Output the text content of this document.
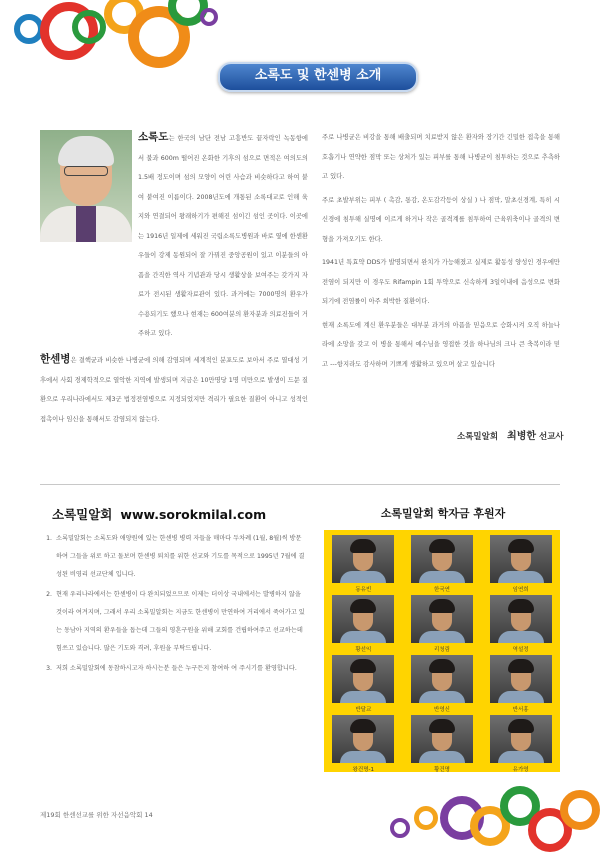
소록도 및 한센병 소개

소록도는 한국의 남단 전남 고흥반도 끝자락인 녹동항에서 불과 600m 떨어진 온화한 기후의 섬으로 면적은 여의도의 1.5배 정도이며 섬의 모양이 어린 사슴과 비슷하다고 하여 붙여 붙여진 이름이다. 2008년도에 개통된 소록대교로 인해 육지와 연결되어 왕래하기가 편해진 섬이긴 섬인 곳이다. 이곳에는 1916년 일제에 세워진 국립소록도병원과 바로 옆에 한센환우들이 강제 동원되어 잘 가꿔진 중앙공원이 있고 이분들의 아픔을 간직한 역사 기념관과 당시 생활상을 보여주는 갖가지 자료가 전시된 생활자료관이 있다. 과거에는 7000명의 환우가 수용되기도 했으나 현재는 600여분의 환자분과 의료진들이 거주하고 있다.

한센병은 결핵균과 비슷한 나병균에 의해 감염되며 세계적인 분포도로 보아서 주로 열대성 기후에서 사회 경제학적으로 열악한 지역에 발생되며 지금은 10만명당 1명 미만으로 발생이 드문 질환으로 우리나라에서도 제3군 법정전염병으로 지정되었지만 격리가 필요한 질환이 아니고 성적인 접촉이나 임신을 통해서도 감염되지 않는다.

주로 나병균은 비강을 통해 배출되며 치료받지 않은 환자와 장기간 긴밀한 접촉을 통해 호흡기나 연약한 점막 또는 상처가 있는 피부를 통해 나병균이 침투하는 것으로 추측하고 있다.

주로 초발부위는 피부 ( 촉감, 통감, 온도감각등이 상실 ) 나 점막, 말초신경계, 특히 시신경에 침투해 실명에 이르게 하거나 작은 골격계를 침투하여 근육위축이나 골격의 변형을 가져오기도 한다.

1941년 특효약 DDS가 발명되면서 완치가 가능해졌고 실제로 활동성 양성인 경우에만 전염이 되지만 이 경우도 Rifampin 1회 투약으로 신속하게 3일이내에 음성으로 변화되기에 전염률이 아주 희박한 질환이다.

현재 소록도에 계신 환우분들은 대부분 과거의 아픔을 믿음으로 승화시켜 오직 하늘나라에 소망을 갖고 이 병을 통해서 예수님을 영접한 것을 하나님의 크나 큰 축복이라 믿고 ---항지라도 감사하며 기쁘게 생활하고 있으며 살고 있습니다

소록밀알회 최병한 선교사
소록밀알회 www.sorokmilal.com
1. 소록밀알회는 소록도와 애양원에 있는 한센병 병력 자들을 매마다 두차례 (1월, 8월)씩 방문하여 그들을 위로 하고 돌보며 한센병 퇴치를 위한 선교와 기도를 목적으로 1995년 7월에 결성된 비영리 선교단체 입니다.
2. 현재 우리나라에서는 한센병이 다 완치되었으므로 이제는 더이상 국내에서는 발병하지 않을 것이라 여겨지며, 그래서 우리 소록밀알회는 지금도 한센병이 만연하여 거리에서 죽어가고 있는 동남아 지역의 환우들을 돕는데 그들의 영혼구원을 위해 교회를 건립하여주고 선교하는데 힘쓰고 있습니다. 많은 기도와 격려, 후원을 부탁드립니다.
3. 저희 소록밀알회에 동참하시고자 하시는분 들은 누구든지 참여하 여 주시기를 환영합니다.
소록밀알회 학자금 후원자
동유빈	한국연	임연희
황선익	리청림	역설정
반달교	반영신	반서홍
왕건명-1	황건명	유가영
제19회 한센선교를 위한 자선음악회 14
